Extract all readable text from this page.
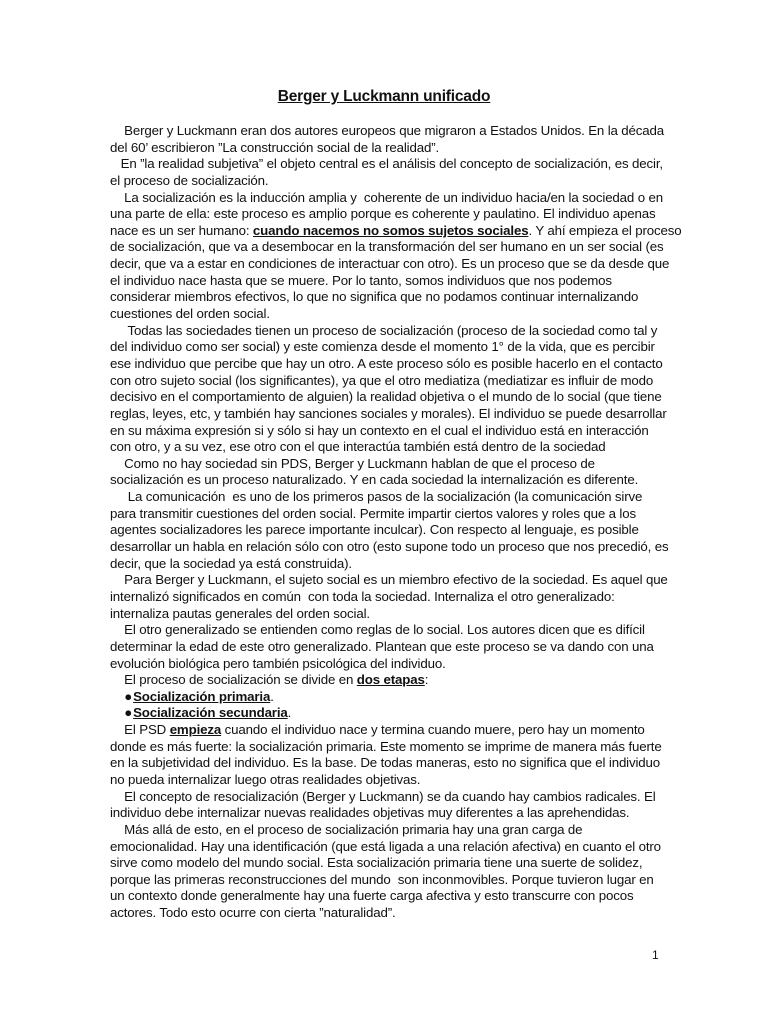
Berger y Luckmann unificado
Berger y Luckmann eran dos autores europeos que migraron a Estados Unidos. En la década
del 60’ escribieron ”La construcción social de la realidad”.
En ”la realidad subjetiva” el objeto central es el análisis del concepto de socialización, es decir,
el proceso de socialización.
La socialización es la inducción amplia y  coherente de un individuo hacia/en la sociedad o en
una parte de ella: este proceso es amplio porque es coherente y paulatino. El individuo apenas
nace es un ser humano: cuando nacemos no somos sujetos sociales. Y ahí empieza el proceso
de socialización, que va a desembocar en la transformación del ser humano en un ser social (es
decir, que va a estar en condiciones de interactuar con otro). Es un proceso que se da desde que
el individuo nace hasta que se muere. Por lo tanto, somos individuos que nos podemos
considerar miembros efectivos, lo que no significa que no podamos continuar internalizando
cuestiones del orden social.
Todas las sociedades tienen un proceso de socialización (proceso de la sociedad como tal y
del individuo como ser social) y este comienza desde el momento 1° de la vida, que es percibir
ese individuo que percibe que hay un otro. A este proceso sólo es posible hacerlo en el contacto
con otro sujeto social (los significantes), ya que el otro mediatiza (mediatizar es influir de modo
decisivo en el comportamiento de alguien) la realidad objetiva o el mundo de lo social (que tiene
reglas, leyes, etc, y también hay sanciones sociales y morales). El individuo se puede desarrollar
en su máxima expresión si y sólo si hay un contexto en el cual el individuo está en interacción
con otro, y a su vez, ese otro con el que interactúa también está dentro de la sociedad
Como no hay sociedad sin PDS, Berger y Luckmann hablan de que el proceso de
socialización es un proceso naturalizado. Y en cada sociedad la internalización es diferente.
La comunicación  es uno de los primeros pasos de la socialización (la comunicación sirve
para transmitir cuestiones del orden social. Permite impartir ciertos valores y roles que a los
agentes socializadores les parece importante inculcar). Con respecto al lenguaje, es posible
desarrollar un habla en relación sólo con otro (esto supone todo un proceso que nos precedió, es
decir, que la sociedad ya está construida).
Para Berger y Luckmann, el sujeto social es un miembro efectivo de la sociedad. Es aquel que
internalizó significados en común  con toda la sociedad. Internaliza el otro generalizado:
internaliza pautas generales del orden social.
El otro generalizado se entienden como reglas de lo social. Los autores dicen que es difícil
determinar la edad de este otro generalizado. Plantean que este proceso se va dando con una
evolución biológica pero también psicológica del individuo.
El proceso de socialización se divide en dos etapas:
●Socialización primaria.
●Socialización secundaria.
El PSD empieza cuando el individuo nace y termina cuando muere, pero hay un momento
donde es más fuerte: la socialización primaria. Este momento se imprime de manera más fuerte
en la subjetividad del individuo. Es la base. De todas maneras, esto no significa que el individuo
no pueda internalizar luego otras realidades objetivas.
El concepto de resocialización (Berger y Luckmann) se da cuando hay cambios radicales. El
individuo debe internalizar nuevas realidades objetivas muy diferentes a las aprehendidas.
Más allá de esto, en el proceso de socialización primaria hay una gran carga de
emocionalidad. Hay una identificación (que está ligada a una relación afectiva) en cuanto el otro
sirve como modelo del mundo social. Esta socialización primaria tiene una suerte de solidez,
porque las primeras reconstrucciones del mundo  son inconmovibles. Porque tuvieron lugar en
un contexto donde generalmente hay una fuerte carga afectiva y esto transcurre con pocos
actores. Todo esto ocurre con cierta ”naturalidad”.
1
